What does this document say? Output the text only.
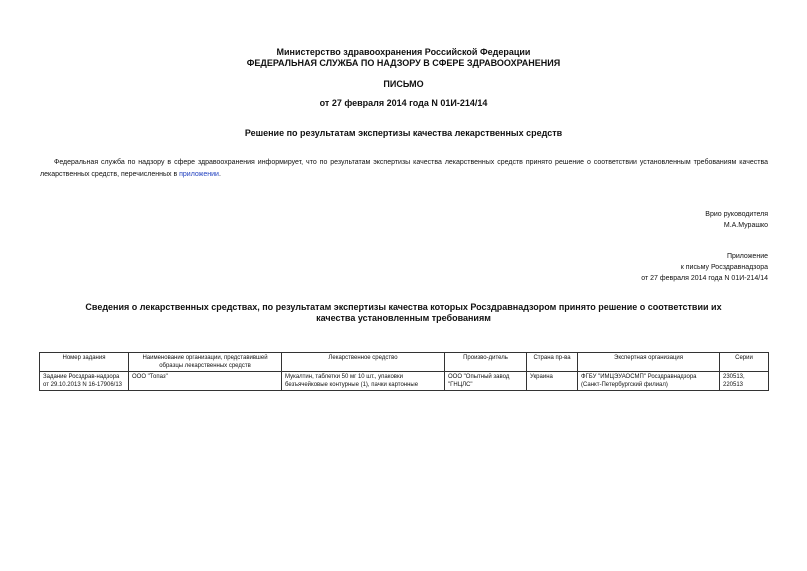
Министерство здравоохранения Российской Федерации
ФЕДЕРАЛЬНАЯ СЛУЖБА ПО НАДЗОРУ В СФЕРЕ ЗДРАВООХРАНЕНИЯ
ПИСЬМО
от 27 февраля 2014 года N 01И-214/14
Решение по результатам экспертизы качества лекарственных средств
Федеральная служба по надзору в сфере здравоохранения информирует, что по результатам экспертизы качества лекарственных средств принято решение о соответствии установленным требованиям качества лекарственных средств, перечисленных в приложении.
Врио руководителя
М.А.Мурашко
Приложение
к письму Росздравнадзора
от 27 февраля 2014 года N 01И-214/14
Сведения о лекарственных средствах, по результатам экспертизы качества которых Росздравнадзором принято решение о соответствии их качества установленным требованиям
Номер задания	Наименование организации, представившей образцы лекарственных средств	Лекарственное средство	Произво-дитель	Страна пр-ва	Экспертная организация	Серии
Задание Росздрав-надзора от 29.10.2013 N 16-17906/13	ООО "Топаз"	Мукалтин, таблетки 50 мг 10 шт., упаковки безъячейковые контурные (1), пачки картонные	ООО "Опытный завод "ГНЦЛС"	Украина	ФГБУ "ИМЦЭУАОСМП" Росздравнадзора (Санкт-Петербургский филиал)	230513, 220513
